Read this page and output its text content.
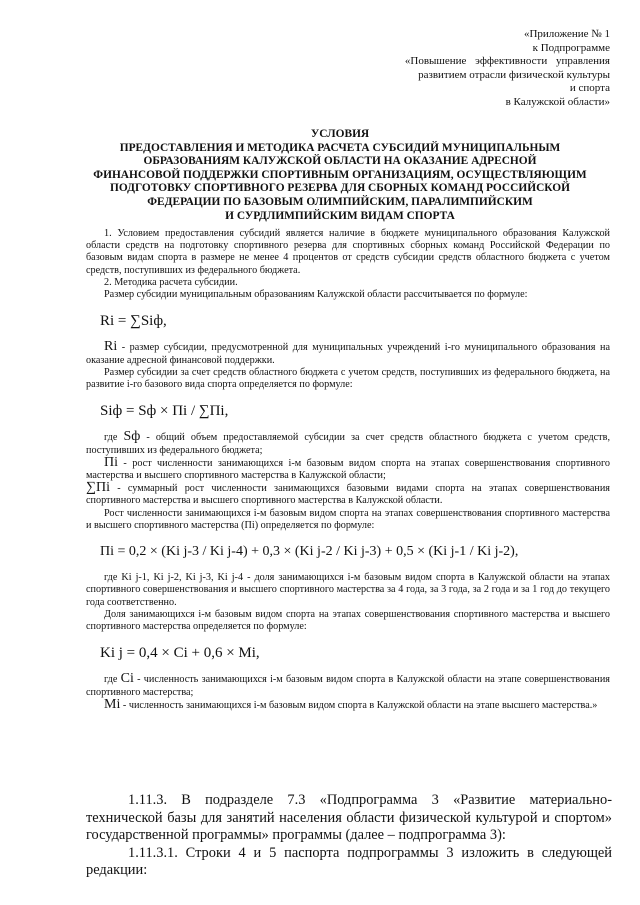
«Приложение № 1
к Подпрограмме
«Повышение эффективности управления
развитием отрасли физической культуры
и спорта
в Калужской области»
УСЛОВИЯ
ПРЕДОСТАВЛЕНИЯ И МЕТОДИКА РАСЧЕТА СУБСИДИЙ МУНИЦИПАЛЬНЫМ
ОБРАЗОВАНИЯМ КАЛУЖСКОЙ ОБЛАСТИ НА ОКАЗАНИЕ АДРЕСНОЙ
ФИНАНСОВОЙ ПОДДЕРЖКИ СПОРТИВНЫМ ОРГАНИЗАЦИЯМ, ОСУЩЕСТВЛЯЮЩИМ
ПОДГОТОВКУ СПОРТИВНОГО РЕЗЕРВА ДЛЯ СБОРНЫХ КОМАНД РОССИЙСКОЙ
ФЕДЕРАЦИИ ПО БАЗОВЫМ ОЛИМПИЙСКИМ, ПАРАЛИМПИЙСКИМ
И СУРДЛИМПИЙСКИМ ВИДАМ СПОРТА

1. Условием предоставления субсидий является наличие в бюджете муниципального образования Калужской области средств на подготовку спортивного резерва для спортивных сборных команд Российской Федерации по базовым видам спорта в размере не менее 4 процентов от средств субсидии средств областного бюджета с учетом средств, поступивших из федерального бюджета.

2. Методика расчета субсидии.

Размер субсидии муниципальным образованиям Калужской области рассчитывается по формуле:

Ri = ∑Siф,

Ri - размер субсидии, предусмотренной для муниципальных учреждений i-го муниципального образования на оказание адресной финансовой поддержки.

Размер субсидии за счет средств областного бюджета с учетом средств, поступивших из федерального бюджета, на развитие i-го базового вида спорта определяется по формуле:

Siф = Sф × Пi / ∑Пi,

где Sф - общий объем предоставляемой субсидии за счет средств областного бюджета с учетом средств, поступивших из федерального бюджета;

Пi - рост численности занимающихся i-м базовым видом спорта на этапах совершенствования спортивного мастерства и высшего спортивного мастерства в Калужской области;

∑Пi - суммарный рост численности занимающихся базовыми видами спорта на этапах совершенствования спортивного мастерства и высшего спортивного мастерства в Калужской области.

Рост численности занимающихся i-м базовым видом спорта на этапах совершенствования спортивного мастерства и высшего спортивного мастерства (Пi) определяется по формуле:

Пi = 0,2 × (Ki j-3 / Ki j-4) + 0,3 × (Ki j-2 / Ki j-3) + 0,5 × (Ki j-1 / Ki j-2),

где Ki j-1, Ki j-2, Ki j-3, Ki j-4 - доля занимающихся i-м базовым видом спорта в Калужской области на этапах спортивного совершенствования и высшего спортивного мастерства за 4 года, за 3 года, за 2 года и за 1 год до текущего года соответственно.

Доля занимающихся i-м базовым видом спорта на этапах совершенствования спортивного мастерства и высшего спортивного мастерства определяется по формуле:

Ki j = 0,4 × Ci + 0,6 × Mi,

где Ci - численность занимающихся i-м базовым видом спорта в Калужской области на этапе совершенствования спортивного мастерства;

Mi - численность занимающихся i-м базовым видом спорта в Калужской области на этапе высшего мастерства.»

1.11.3. В подразделе 7.3 «Подпрограмма 3 «Развитие материально-технической базы для занятий населения области физической культурой и спортом» государственной программы» программы (далее – подпрограмма 3):

1.11.3.1. Строки 4 и 5 паспорта подпрограммы 3 изложить в следующей редакции:
